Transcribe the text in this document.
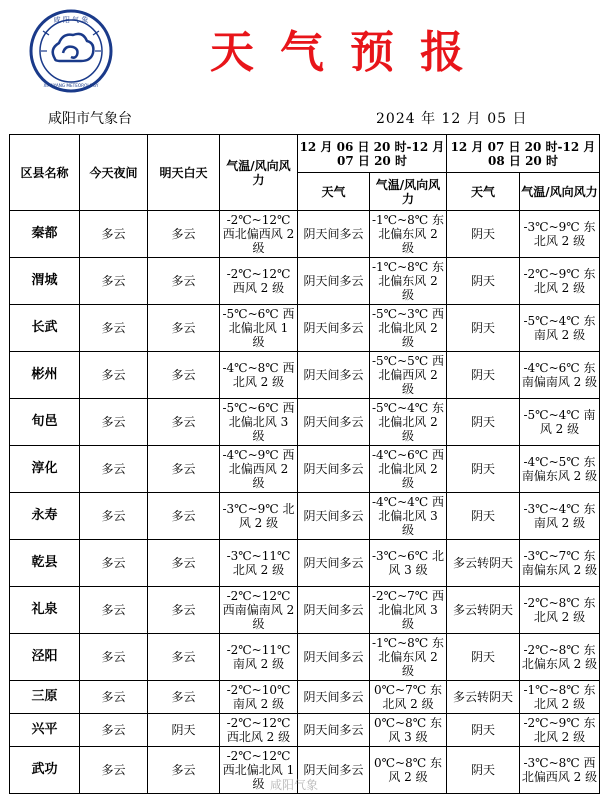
咸 阳 气 象
XIANYANG METEOROLOGY
天气预报
咸阳市气象台	2024 年 12 月 05 日
区县名称	今天夜间	明天白天	气温/风向风力	12 月 06 日 20 时-12 月 07 日 20 时		12 月 07 日 20 时-12 月 08 日 20 时	
				天气	气温/风向风力	天气	气温/风向风力
秦都	多云	多云	-2℃~12℃ 西北偏西风 2 级	阴天间多云	-1℃~8℃ 东北偏东风 2 级	阴天	-3℃~9℃ 东北风 2 级
渭城	多云	多云	-2℃~12℃ 西风 2 级	阴天间多云	-1℃~8℃ 东北偏东风 2 级	阴天	-2℃~9℃ 东北风 2 级
长武	多云	多云	-5℃~6℃ 西北偏北风 1 级	阴天间多云	-5℃~3℃ 西北偏北风 2 级	阴天	-5℃~4℃ 东南风 2 级
彬州	多云	多云	-4℃~8℃ 西北风 2 级	阴天间多云	-5℃~5℃ 西北偏西风 2 级	阴天	-4℃~6℃ 东南偏南风 2 级
旬邑	多云	多云	-5℃~6℃ 西北偏北风 3 级	阴天间多云	-5℃~4℃ 东北偏北风 2 级	阴天	-5℃~4℃ 南风 2 级
淳化	多云	多云	-4℃~9℃ 西北偏西风 2 级	阴天间多云	-4℃~6℃ 西北偏北风 2 级	阴天	-4℃~5℃ 东南偏东风 2 级
永寿	多云	多云	-3℃~9℃ 北风 2 级	阴天间多云	-4℃~4℃ 西北偏北风 3 级	阴天	-3℃~4℃ 东南风 2 级
乾县	多云	多云	-3℃~11℃ 北风 2 级	阴天间多云	-3℃~6℃ 北风 3 级	多云转阴天	-3℃~7℃ 东南偏东风 2 级
礼泉	多云	多云	-2℃~12℃ 西南偏南风 2 级	阴天间多云	-2℃~7℃ 西北偏北风 3 级	多云转阴天	-2℃~8℃ 东北风 2 级
泾阳	多云	多云	-2℃~11℃ 南风 2 级	阴天间多云	-1℃~8℃ 东北偏东风 2 级	阴天	-2℃~8℃ 东北偏东风 2 级
三原	多云	多云	-2℃~10℃ 南风 2 级	阴天间多云	0℃~7℃ 东北风 2 级	多云转阴天	-1℃~8℃ 东北风 2 级
兴平	多云	阴天	-2℃~12℃ 西北风 2 级	阴天间多云	0℃~8℃ 东风 3 级	阴天	-2℃~9℃ 东北风 2 级
武功	多云	多云	-2℃~12℃ 西北偏北风 1 级	阴天间多云	0℃~8℃ 东风 2 级	阴天	-3℃~8℃ 西北偏西风 2 级
咸阳气象
